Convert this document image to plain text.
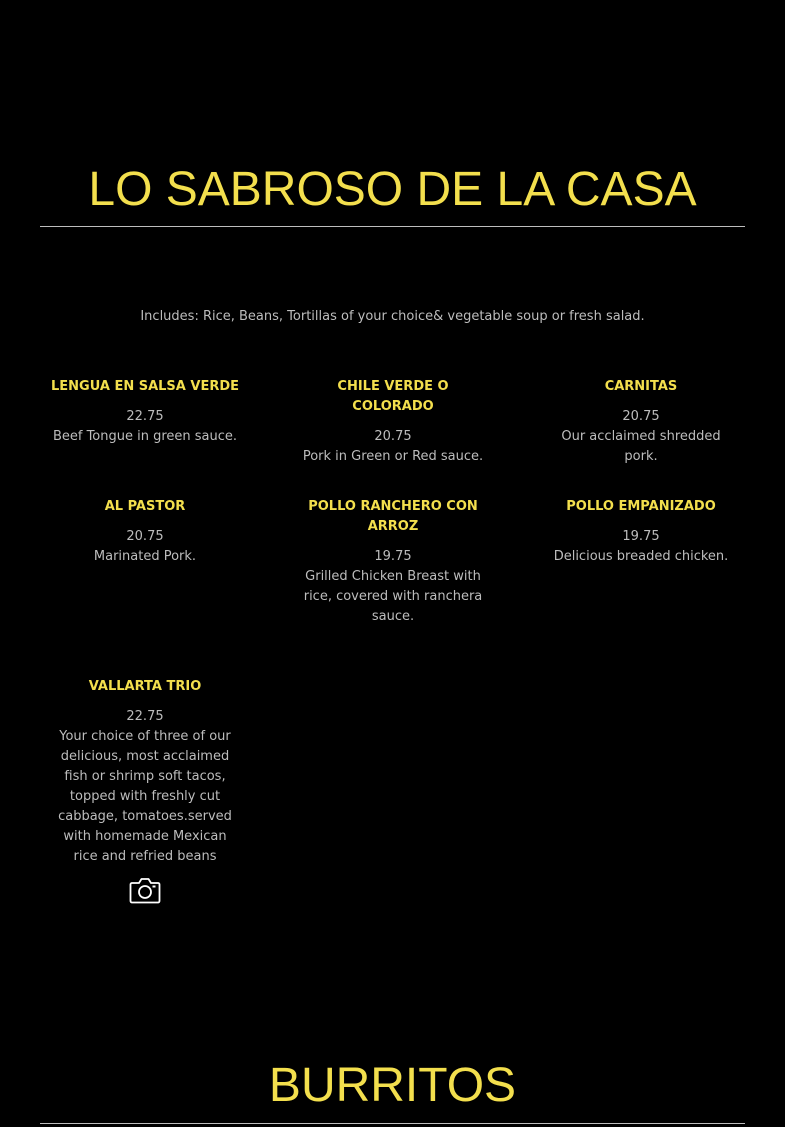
LO SABROSO DE LA CASA
Includes: Rice, Beans, Tortillas of your choice& vegetable soup or fresh salad.
LENGUA EN SALSA VERDE
22.75
Beef Tongue in green sauce.
CHILE VERDE O COLORADO
20.75
Pork in Green or Red sauce.
CARNITAS
20.75
Our acclaimed shredded pork.
AL PASTOR
20.75
Marinated Pork.
POLLO RANCHERO CON ARROZ
19.75
Grilled Chicken Breast with rice, covered with ranchera sauce.
POLLO EMPANIZADO
19.75
Delicious breaded chicken.
VALLARTA TRIO
22.75
Your choice of three of our delicious, most acclaimed fish or shrimp soft tacos, topped with freshly cut cabbage, tomatoes.served with homemade Mexican rice and refried beans
BURRITOS
